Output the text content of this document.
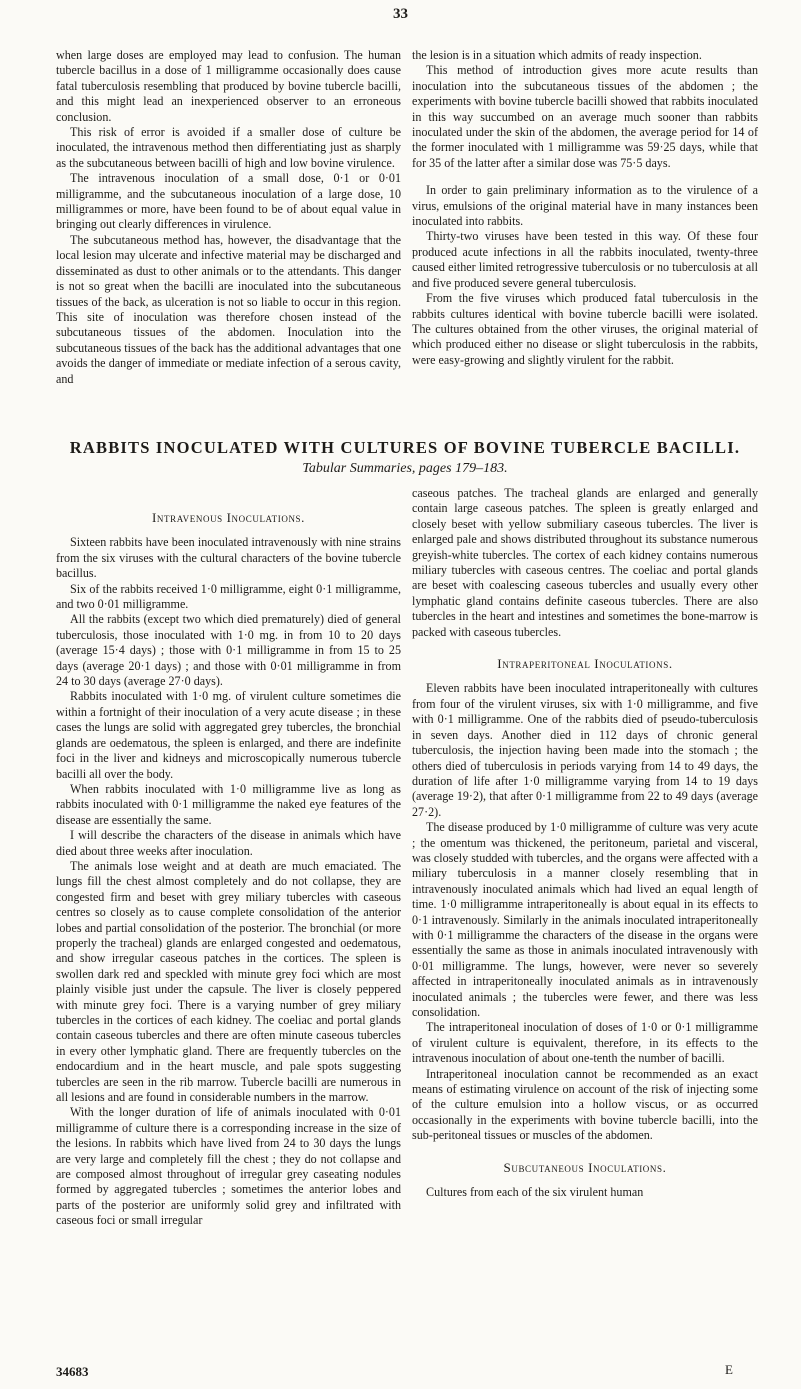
33

when large doses are employed may lead to confusion. The human tubercle bacillus in a dose of 1 milligramme occasionally does cause fatal tuberculosis resembling that produced by bovine tubercle bacilli, and this might lead an inexperienced observer to an erroneous conclusion.

This risk of error is avoided if a smaller dose of culture be inoculated, the intravenous method then differentiating just as sharply as the subcutaneous between bacilli of high and low bovine virulence.

The intravenous inoculation of a small dose, 0·1 or 0·01 milligramme, and the subcutaneous inoculation of a large dose, 10 milligrammes or more, have been found to be of about equal value in bringing out clearly differences in virulence.

The subcutaneous method has, however, the disadvantage that the local lesion may ulcerate and infective material may be discharged and disseminated as dust to other animals or to the attendants. This danger is not so great when the bacilli are inoculated into the subcutaneous tissues of the back, as ulceration is not so liable to occur in this region. This site of inoculation was therefore chosen instead of the subcutaneous tissues of the abdomen. Inoculation into the subcutaneous tissues of the back has the additional advantages that one avoids the danger of immediate or mediate infection of a serous cavity, and

the lesion is in a situation which admits of ready inspection.

This method of introduction gives more acute results than inoculation into the subcutaneous tissues of the abdomen ; the experiments with bovine tubercle bacilli showed that rabbits inoculated in this way succumbed on an average much sooner than rabbits inoculated under the skin of the abdomen, the average period for 14 of the former inoculated with 1 milligramme was 59·25 days, while that for 35 of the latter after a similar dose was 75·5 days.

In order to gain preliminary information as to the virulence of a virus, emulsions of the original material have in many instances been inoculated into rabbits.

Thirty-two viruses have been tested in this way. Of these four produced acute infections in all the rabbits inoculated, twenty-three caused either limited retrogressive tuberculosis or no tuberculosis at all and five produced severe general tuberculosis.

From the five viruses which produced fatal tuberculosis in the rabbits cultures identical with bovine tubercle bacilli were isolated. The cultures obtained from the other viruses, the original material of which produced either no disease or slight tuberculosis in the rabbits, were easy-growing and slightly virulent for the rabbit.

RABBITS INOCULATED WITH CULTURES OF BOVINE TUBERCLE BACILLI.
Tabular Summaries, pages 179–183.
Intravenous Inoculations.

Sixteen rabbits have been inoculated intravenously with nine strains from the six viruses with the cultural characters of the bovine tubercle bacillus.

Six of the rabbits received 1·0 milligramme, eight 0·1 milligramme, and two 0·01 milligramme.

All the rabbits (except two which died prematurely) died of general tuberculosis, those inoculated with 1·0 mg. in from 10 to 20 days (average 15·4 days) ; those with 0·1 milligramme in from 15 to 25 days (average 20·1 days) ; and those with 0·01 milligramme in from 24 to 30 days (average 27·0 days).

Rabbits inoculated with 1·0 mg. of virulent culture sometimes die within a fortnight of their inoculation of a very acute disease ; in these cases the lungs are solid with aggregated grey tubercles, the bronchial glands are oedematous, the spleen is enlarged, and there are indefinite foci in the liver and kidneys and microscopically numerous tubercle bacilli all over the body.

When rabbits inoculated with 1·0 milligramme live as long as rabbits inoculated with 0·1 milligramme the naked eye features of the disease are essentially the same.

I will describe the characters of the disease in animals which have died about three weeks after inoculation.

The animals lose weight and at death are much emaciated. The lungs fill the chest almost completely and do not collapse, they are congested firm and beset with grey miliary tubercles with caseous centres so closely as to cause complete consolidation of the anterior lobes and partial consolidation of the posterior. The bronchial (or more properly the tracheal) glands are enlarged congested and oedematous, and show irregular caseous patches in the cortices. The spleen is swollen dark red and speckled with minute grey foci which are most plainly visible just under the capsule. The liver is closely peppered with minute grey foci. There is a varying number of grey miliary tubercles in the cortices of each kidney. The coeliac and portal glands contain caseous tubercles and there are often minute caseous tubercles in every other lymphatic gland. There are frequently tubercles on the endocardium and in the heart muscle, and pale spots suggesting tubercles are seen in the rib marrow. Tubercle bacilli are numerous in all lesions and are found in considerable numbers in the marrow.

With the longer duration of life of animals inoculated with 0·01 milligramme of culture there is a corresponding increase in the size of the lesions. In rabbits which have lived from 24 to 30 days the lungs are very large and completely fill the chest ; they do not collapse and are composed almost throughout of irregular grey caseating nodules formed by aggregated tubercles ; sometimes the anterior lobes and parts of the posterior are uniformly solid grey and infiltrated with caseous foci or small irregular

caseous patches. The tracheal glands are enlarged and generally contain large caseous patches. The spleen is greatly enlarged and closely beset with yellow submiliary caseous tubercles. The liver is enlarged pale and shows distributed throughout its substance numerous greyish-white tubercles. The cortex of each kidney contains numerous miliary tubercles with caseous centres. The coeliac and portal glands are beset with coalescing caseous tubercles and usually every other lymphatic gland contains definite caseous tubercles. There are also tubercles in the heart and intestines and sometimes the bone-marrow is packed with caseous tubercles.

Intraperitoneal Inoculations.

Eleven rabbits have been inoculated intraperitoneally with cultures from four of the virulent viruses, six with 1·0 milligramme, and five with 0·1 milligramme. One of the rabbits died of pseudo-tuberculosis in seven days. Another died in 112 days of chronic general tuberculosis, the injection having been made into the stomach ; the others died of tuberculosis in periods varying from 14 to 49 days, the duration of life after 1·0 milligramme varying from 14 to 19 days (average 19·2), that after 0·1 milligramme from 22 to 49 days (average 27·2).

The disease produced by 1·0 milligramme of culture was very acute ; the omentum was thickened, the peritoneum, parietal and visceral, was closely studded with tubercles, and the organs were affected with a miliary tuberculosis in a manner closely resembling that in intravenously inoculated animals which had lived an equal length of time. 1·0 milligramme intraperitoneally is about equal in its effects to 0·1 intravenously. Similarly in the animals inoculated intraperitoneally with 0·1 milligramme the characters of the disease in the organs were essentially the same as those in animals inoculated intravenously with 0·01 milligramme. The lungs, however, were never so severely affected in intraperitoneally inoculated animals as in intravenously inoculated animals ; the tubercles were fewer, and there was less consolidation.

The intraperitoneal inoculation of doses of 1·0 or 0·1 milligramme of virulent culture is equivalent, therefore, in its effects to the intravenous inoculation of about one-tenth the number of bacilli.

Intraperitoneal inoculation cannot be recommended as an exact means of estimating virulence on account of the risk of injecting some of the culture emulsion into a hollow viscus, or as occurred occasionally in the experiments with bovine tubercle bacilli, into the sub-peritoneal tissues or muscles of the abdomen.

Subcutaneous Inoculations.

Cultures from each of the six virulent human

34683	E
